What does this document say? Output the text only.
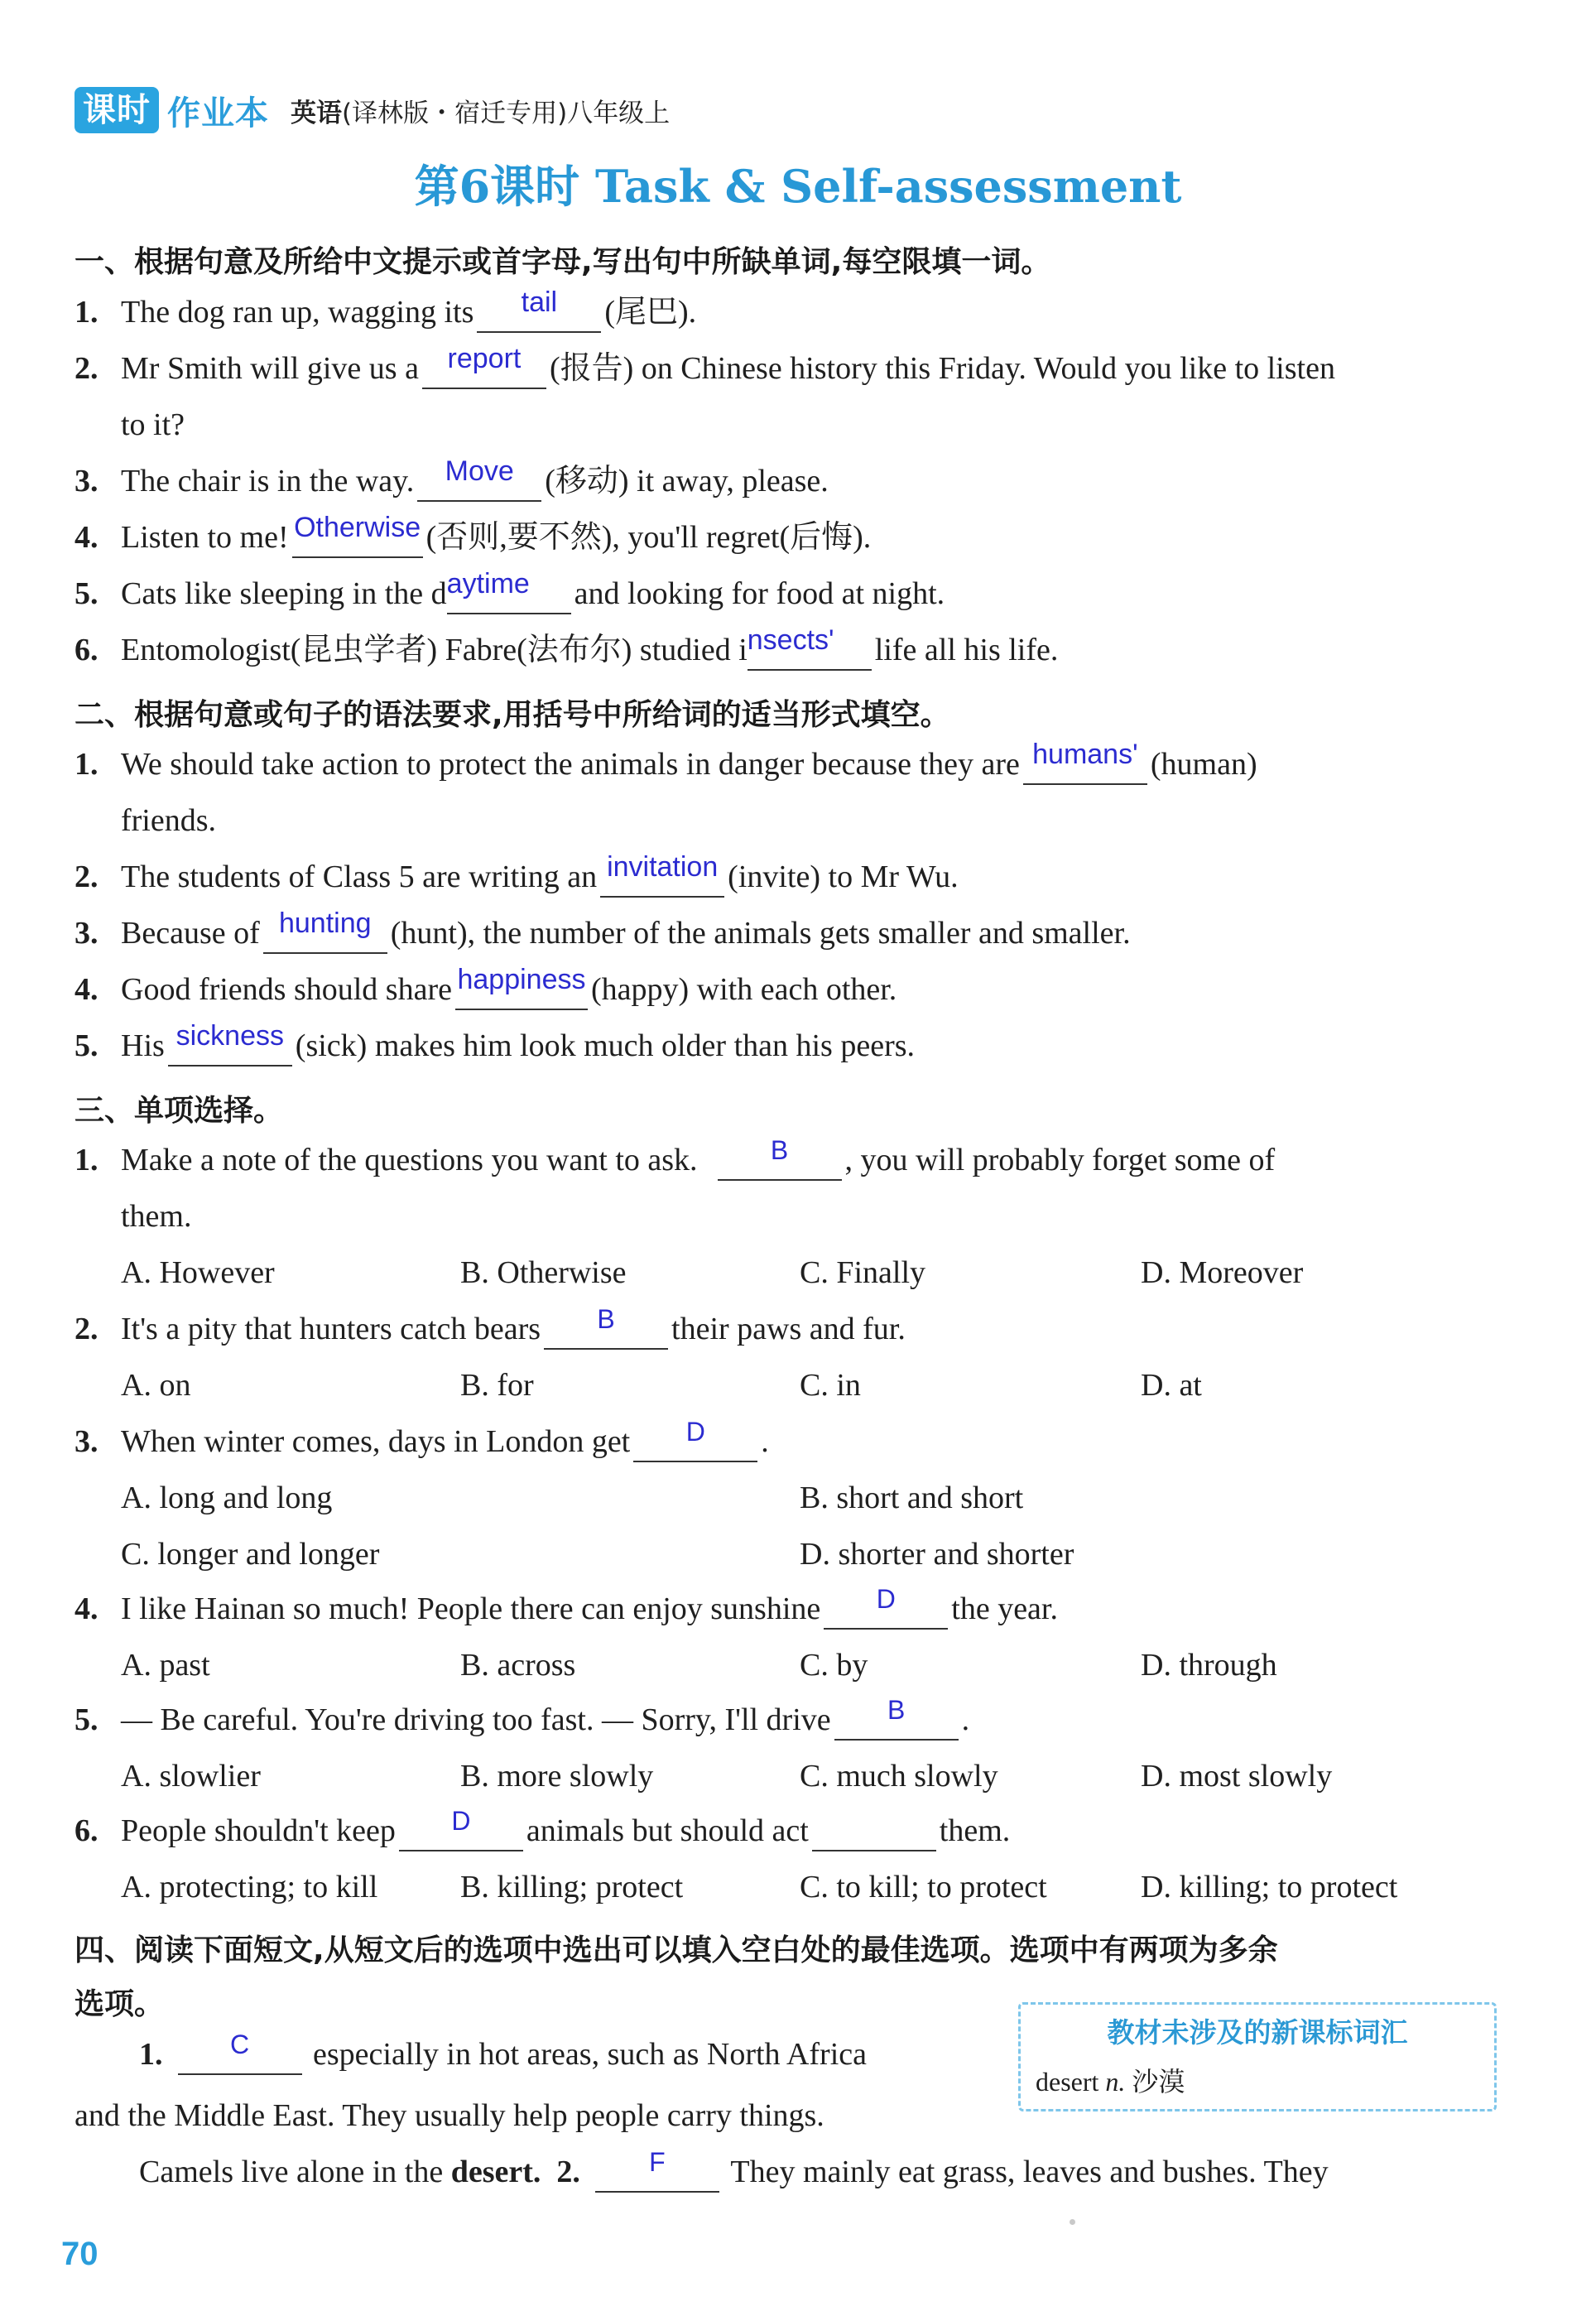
课时 作业本 英语(译林版・宿迁专用)八年级上
第6课时 Task & Self-assessment
一、根据句意及所给中文提示或首字母,写出句中所缺单词,每空限填一词。
1. The dog ran up, wagging its	tail	(尾巴).
2. Mr Smith will give us a	report (报告) on Chinese history this Friday. Would you like to listen
to it?
3. The chair is in the way.	Move (移动) it away, please.
4. Listen to me! Otherwise (否则,要不然), you'll regret(后悔).
5. Cats like sleeping in the d aytime	and looking for food at night.
6. Entomologist(昆虫学者) Fabre(法布尔) studied i nsects'	life all his life.
二、根据句意或句子的语法要求,用括号中所给词的适当形式填空。
1. We should take action to protect the animals in danger because they are humans' (human)
friends.
2. The students of Class 5 are writing an invitation (invite) to Mr Wu.
3. Because of hunting (hunt), the number of the animals gets smaller and smaller.
4. Good friends should share happiness (happy) with each other.
5. His sickness (sick) makes him look much older than his peers.
三、单项选择。
1. Make a note of the questions you want to ask.	B	, you will probably forget some of
them.
A. However	B. Otherwise	C. Finally	D. Moreover
2. It's a pity that hunters catch bears	B	their paws and fur.
A. on	B. for	C. in	D. at
3. When winter comes, days in London get	D	.
A. long and long	B. short and short
C. longer and longer	D. shorter and shorter
4. I like Hainan so much! People there can enjoy sunshine	D	the year.
A. past	B. across	C. by	D. through
5. — Be careful. You're driving too fast. — Sorry, I'll drive	B	.
A. slowlier	B. more slowly	C. much slowly	D. most slowly
6. People shouldn't keep	D	animals but should act	them.
A. protecting; to kill	B. killing; protect	C. to kill; to protect	D. killing; to protect
四、阅读下面短文,从短文后的选项中选出可以填入空白处的最佳选项。选项中有两项为多余
选项。
1.	C	especially in hot areas, such as North Africa
and the Middle East. They usually help people carry things.
Camels live alone in the desert. 2.	F	They mainly eat grass, leaves and bushes. They
教材未涉及的新课标词汇
desert n. 沙漠
70
